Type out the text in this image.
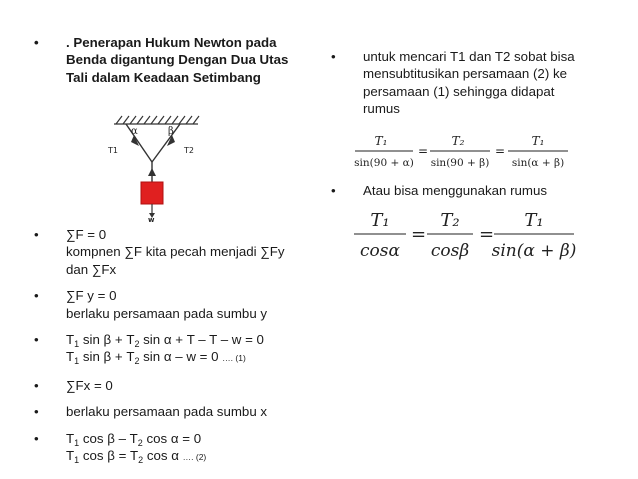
• . Penerapan Hukum Newton pada
Benda digantung Dengan Dua Utas
Tali dalam Keadaan Setimbang
α	β
T1	T2
w
• ∑F = 0
kompnen ∑F kita pecah menjadi ∑Fy
dan ∑Fx
• ∑F y = 0
berlaku persamaan pada sumbu y
• $T_1$ $\sin \beta + T_2$ sin α + T – T – w = 0
$T_1$ $\sin \beta + T_2$ sin α – w = 0 …. (1)
• ∑Fx = 0
• berlaku persamaan pada sumbu x
• $T_1$ cos β – $T_2$ cos α = 0
$T_1$ $\cos \beta = T_2$ cos α …. (2)
• untuk mencari T1 dan T2 sobat bisa
mensubtitusikan persamaan (2) ke
persamaan (1) sehingga didapat
rumus
T₁
sin(90 + α)
=
T₂
sin(90 + β)
=
T₁
sin(α + β)
• Atau bisa menggunakan rumus
T₁
cosα
=
T₂
cosβ
=
T₁
sin(α + β)
